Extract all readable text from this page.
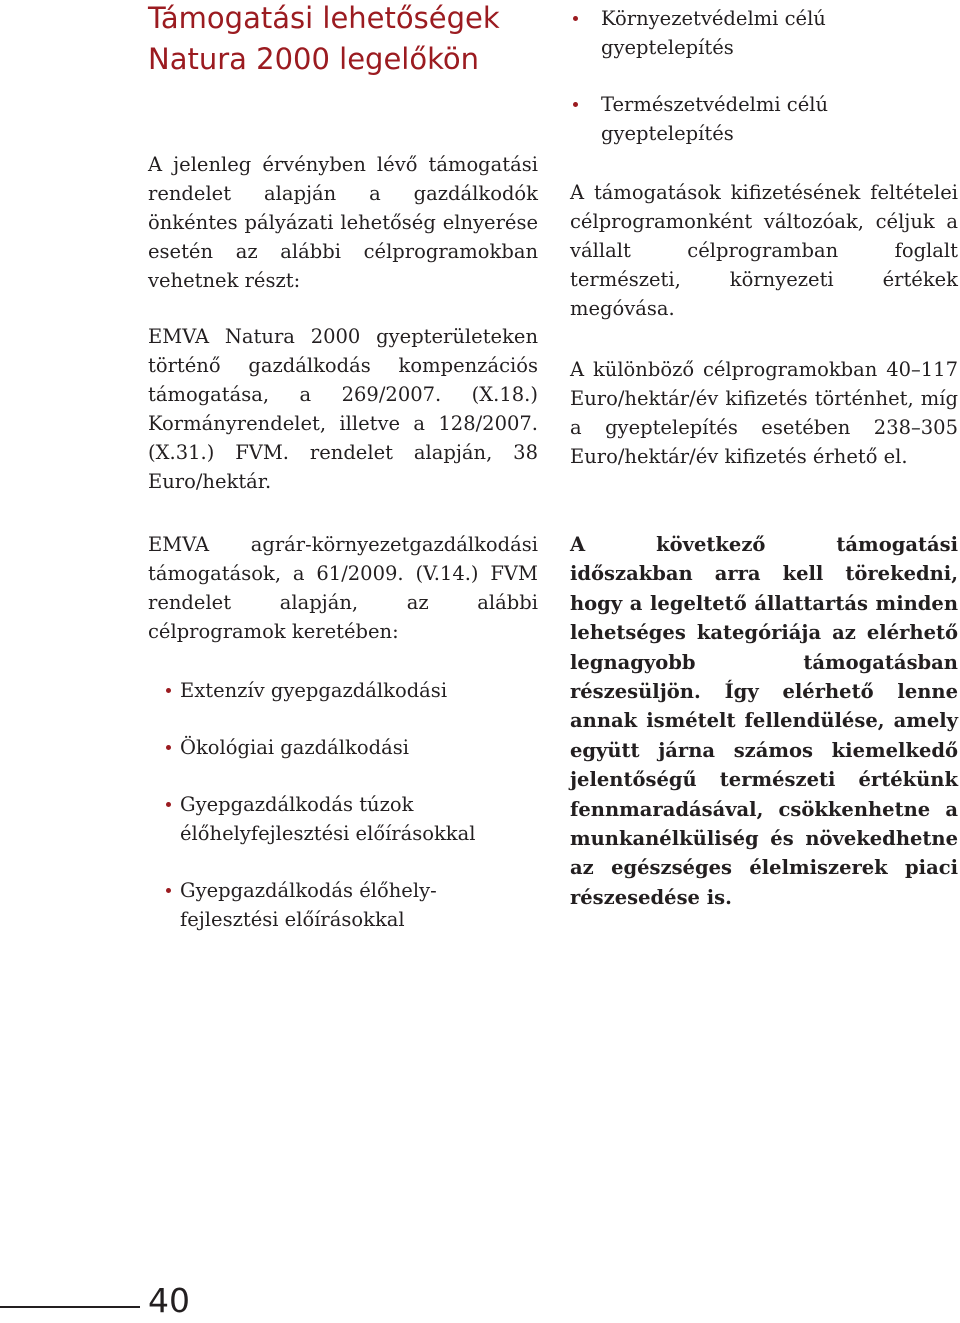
Támogatási lehetőségek Natura 2000 legelőkön

A jelenleg érvényben lévő támogatási rendelet alapján a gazdálkodók önkéntes pályázati lehetőség elnyerése esetén az alábbi célprogramokban vehetnek részt:

EMVA Natura 2000 gyepterületeken történő gazdálkodás kompenzációs támogatása, a 269/2007. (X.18.) Kormányrendelet, illetve a 128/2007. (X.31.) FVM. rendelet alapján, 38 Euro/hektár.

EMVA agrár-környezetgazdálkodási támogatások, a 61/2009. (V.14.) FVM rendelet alapján, az alábbi célprogramok keretében:

Extenzív gyepgazdálkodási
Ökológiai gazdálkodási
Gyepgazdálkodás túzok élőhelyfejlesztési előírásokkal
Gyepgazdálkodás élőhely-fejlesztési előírásokkal
Környezetvédelmi célú gyeptelepítés
Természetvédelmi célú gyeptelepítés

A támogatások kifizetésének feltételei célprogramonként változóak, céljuk a vállalt célprogramban foglalt természeti, környezeti értékek megóvása.

A különböző célprogramokban 40–117 Euro/hektár/év kifizetés történhet, míg a gyeptelepítés esetében 238–305 Euro/hektár/év kifizetés érhető el.

A következő támogatási időszakban arra kell törekedni, hogy a legeltető állattartás minden lehetséges kategóriája az elérhető legnagyobb támogatásban részesüljön. Így elérhető lenne annak ismételt fellendülése, amely együtt járna számos kiemelkedő jelentőségű természeti értékünk fennmaradásával, csökkenhetne a munkanélküliség és növekedhetne az egészséges élelmiszerek piaci részesedése is.

40
